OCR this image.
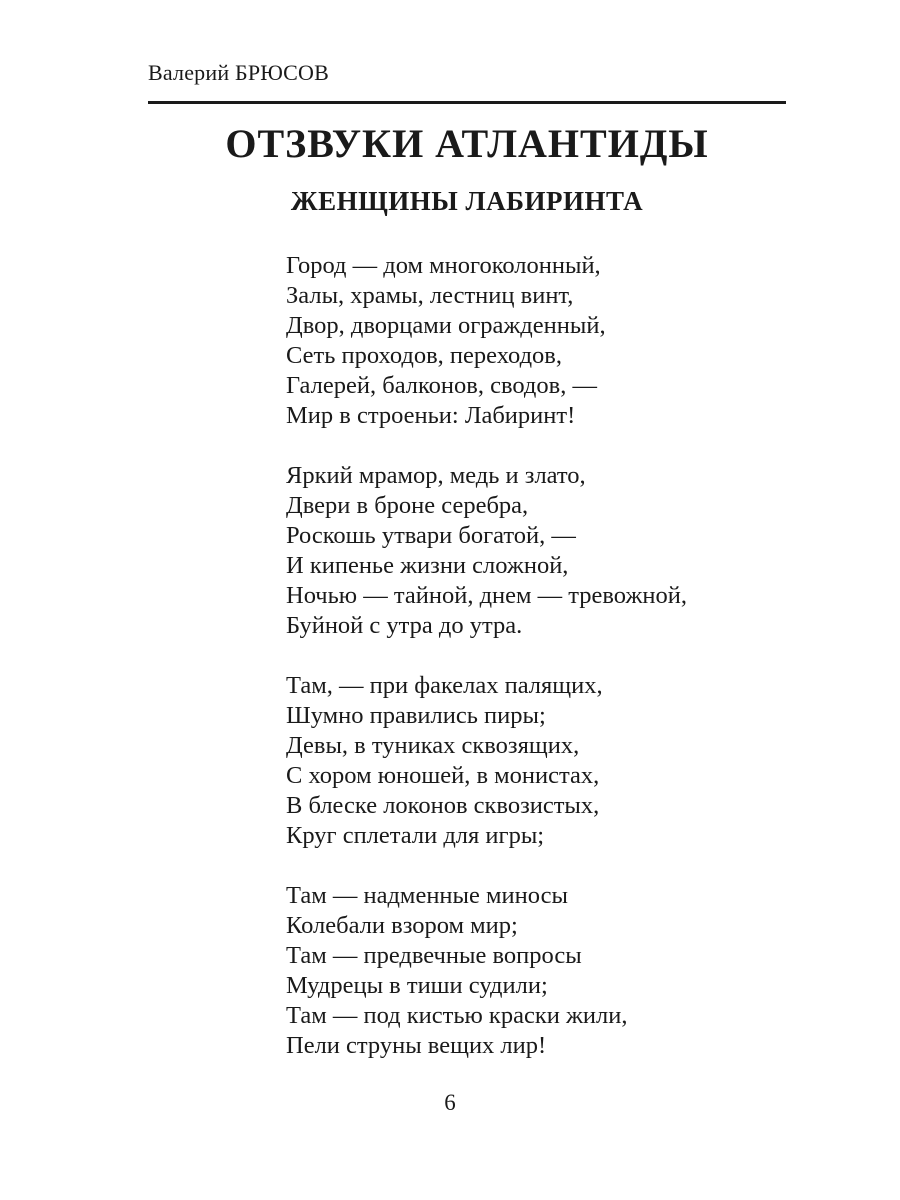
Валерий БРЮСОВ
ОТЗВУКИ АТЛАНТИДЫ
ЖЕНЩИНЫ ЛАБИРИНТА
Город — дом многоколонный,
Залы, храмы, лестниц винт,
Двор, дворцами огражденный,
Сеть проходов, переходов,
Галерей, балконов, сводов, —
Мир в строеньи: Лабиринт!
Яркий мрамор, медь и злато,
Двери в броне серебра,
Роскошь утвари богатой, —
И кипенье жизни сложной,
Ночью — тайной, днем — тревожной,
Буйной с утра до утра.
Там, — при факелах палящих,
Шумно правились пиры;
Девы, в туниках сквозящих,
С хором юношей, в монистах,
В блеске локонов сквозистых,
Круг сплетали для игры;
Там — надменные миносы
Колебали взором мир;
Там — предвечные вопросы
Мудрецы в тиши судили;
Там — под кистью краски жили,
Пели струны вещих лир!
6
